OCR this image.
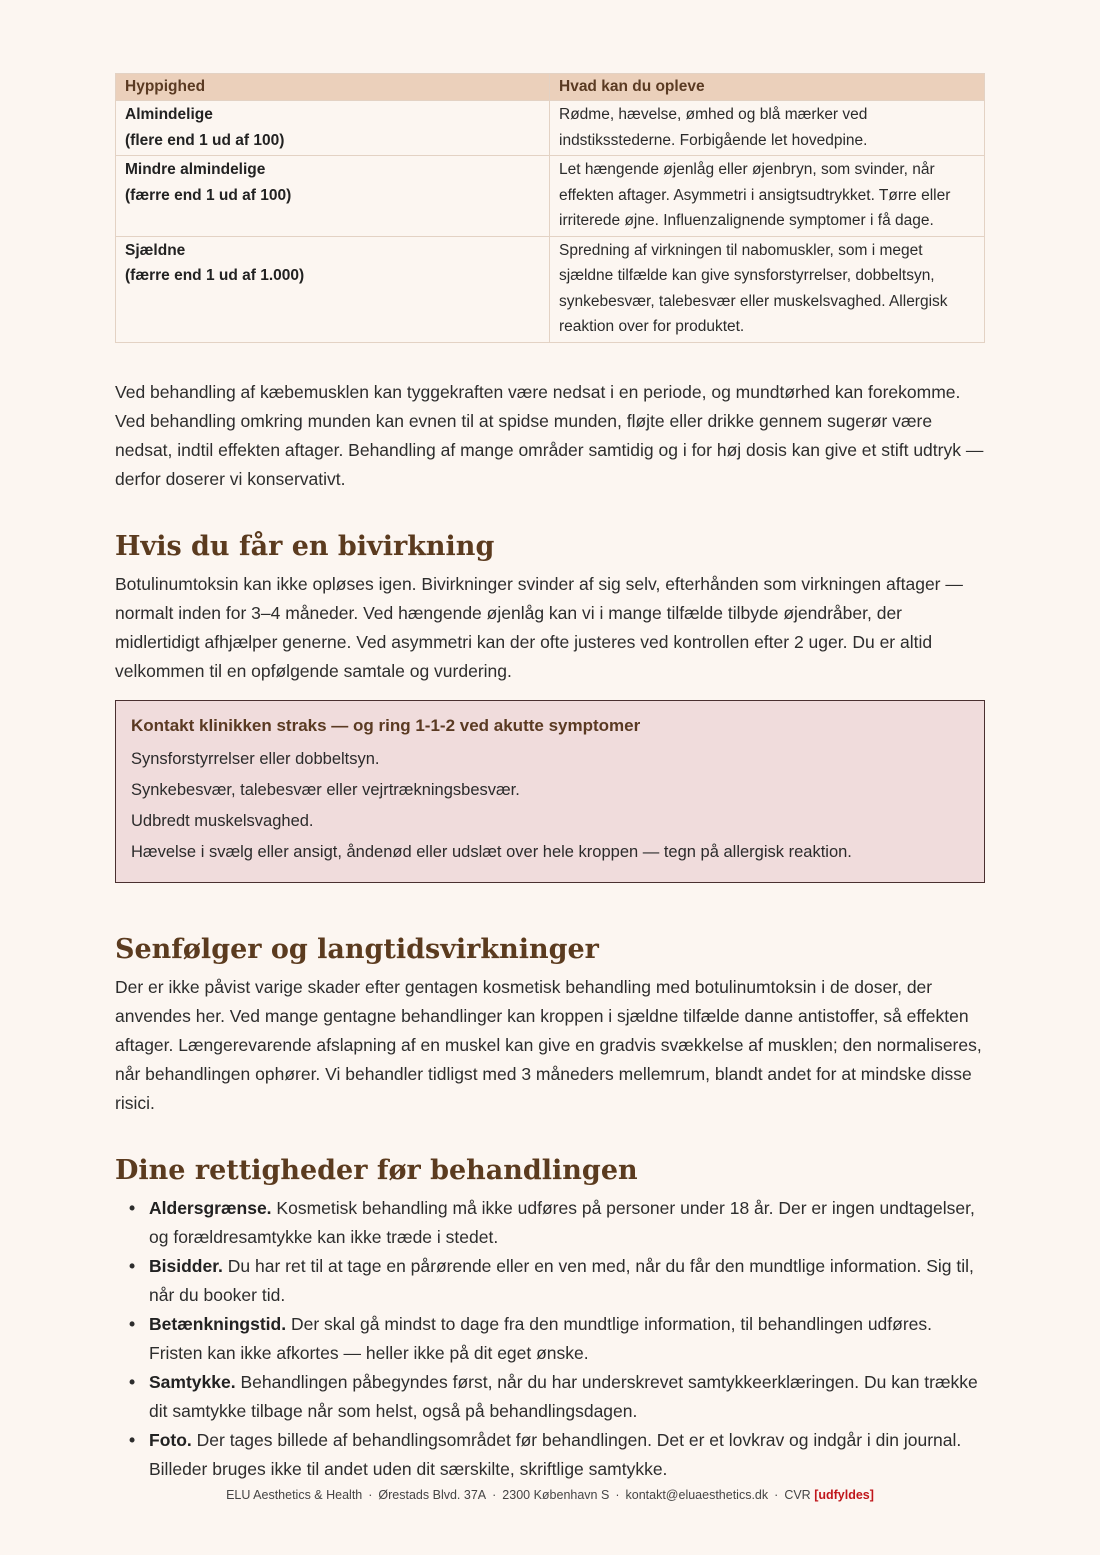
Hyppighed	Hvad kan du opleve

Almindelige
(flere end 1 ud af 100)	Rødme, hævelse, ømhed og blå mærker ved indstiksstederne. Forbigående let hovedpine.

Mindre almindelige
(færre end 1 ud af 100)	Let hængende øjenlåg eller øjenbryn, som svinder, når effekten aftager. Asymmetri i ansigtsudtrykket. Tørre eller irriterede øjne. Influenzalignende symptomer i få dage.

Sjældne
(færre end 1 ud af 1.000)	Spredning af virkningen til nabomuskler, som i meget sjældne tilfælde kan give synsforstyrrelser, dobbeltsyn, synkebesvær, talebesvær eller muskelsvaghed. Allergisk reaktion over for produktet.

Ved behandling af kæbemusklen kan tyggekraften være nedsat i en periode, og mundtørhed kan forekomme. Ved behandling omkring munden kan evnen til at spidse munden, fløjte eller drikke gennem sugerør være nedsat, indtil effekten aftager. Behandling af mange områder samtidig og i for høj dosis kan give et stift udtryk — derfor doserer vi konservativt.

Hvis du får en bivirkning

Botulinumtoksin kan ikke opløses igen. Bivirkninger svinder af sig selv, efterhånden som virkningen aftager — normalt inden for 3–4 måneder. Ved hængende øjenlåg kan vi i mange tilfælde tilbyde øjendråber, der midlertidigt afhjælper generne. Ved asymmetri kan der ofte justeres ved kontrollen efter 2 uger. Du er altid velkommen til en opfølgende samtale og vurdering.

Kontakt klinikken straks — og ring 1-1-2 ved akutte symptomer
Synsforstyrrelser eller dobbeltsyn.
Synkebesvær, talebesvær eller vejrtrækningsbesvær.
Udbredt muskelsvaghed.
Hævelse i svælg eller ansigt, åndenød eller udslæt over hele kroppen — tegn på allergisk reaktion.
Senfølger og langtidsvirkninger

Der er ikke påvist varige skader efter gentagen kosmetisk behandling med botulinumtoksin i de doser, der anvendes her. Ved mange gentagne behandlinger kan kroppen i sjældne tilfælde danne antistoffer, så effekten aftager. Længerevarende afslapning af en muskel kan give en gradvis svækkelse af musklen; den normaliseres, når behandlingen ophører. Vi behandler tidligst med 3 måneders mellemrum, blandt andet for at mindske disse risici.

Dine rettigheder før behandlingen
• Aldersgrænse. Kosmetisk behandling må ikke udføres på personer under 18 år. Der er ingen undtagelser, og forældresamtykke kan ikke træde i stedet.
• Bisidder. Du har ret til at tage en pårørende eller en ven med, når du får den mundtlige information. Sig til, når du booker tid.
• Betænkningstid. Der skal gå mindst to dage fra den mundtlige information, til behandlingen udføres. Fristen kan ikke afkortes — heller ikke på dit eget ønske.
• Samtykke. Behandlingen påbegyndes først, når du har underskrevet samtykkeerklæringen. Du kan trække dit samtykke tilbage når som helst, også på behandlingsdagen.
• Foto. Der tages billede af behandlingsområdet før behandlingen. Det er et lovkrav og indgår i din journal. Billeder bruges ikke til andet uden dit særskilte, skriftlige samtykke.
ELU Aesthetics & Health · Ørestads Blvd. 37A · 2300 København S · kontakt@eluaesthetics.dk · CVR [udfyldes]
